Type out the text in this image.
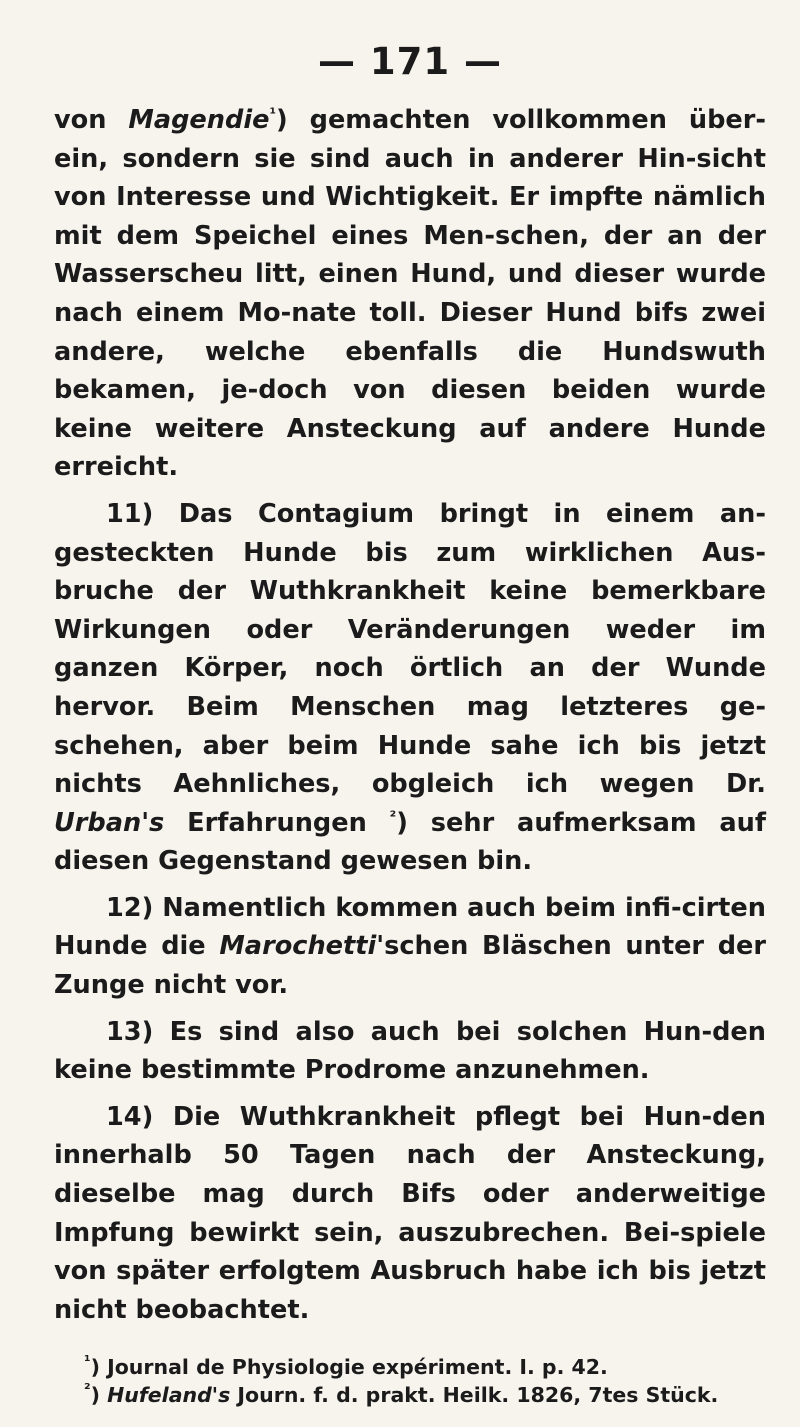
— 171 —

von Magendie$^{^1}$) gemachten vollkommen über-ein, sondern sie sind auch in anderer Hin-sicht von Interesse und Wichtigkeit. Er impfte nämlich mit dem Speichel eines Men-schen, der an der Wasserscheu litt, einen Hund, und dieser wurde nach einem Mo-nate toll. Dieser Hund bifs zwei andere, welche ebenfalls die Hundswuth bekamen, je-doch von diesen beiden wurde keine weitere Ansteckung auf andere Hunde erreicht.

11) Das Contagium bringt in einem an-gesteckten Hunde bis zum wirklichen Aus-bruche der Wuthkrankheit keine bemerkbare Wirkungen oder Veränderungen weder im ganzen Körper, noch örtlich an der Wunde hervor. Beim Menschen mag letzteres ge-schehen, aber beim Hunde sahe ich bis jetzt nichts Aehnliches, obgleich ich wegen Dr. Urban's Erfahrungen $^{^2}$) sehr aufmerksam auf diesen Gegenstand gewesen bin.

12) Namentlich kommen auch beim infi-cirten Hunde die Marochetti'schen Bläschen unter der Zunge nicht vor.

13) Es sind also auch bei solchen Hun-den keine bestimmte Prodrome anzunehmen.

14) Die Wuthkrankheit pflegt bei Hun-den innerhalb 50 Tagen nach der Ansteckung, dieselbe mag durch Bifs oder anderweitige Impfung bewirkt sein, auszubrechen. Bei-spiele von später erfolgtem Ausbruch habe ich bis jetzt nicht beobachtet.

$^{^1}$) Journal de Physiologie expériment. I. p. 42.

$^{^2}$) Hufeland's Journ. f. d. prakt. Heilk. 1826, 7tes Stück.
